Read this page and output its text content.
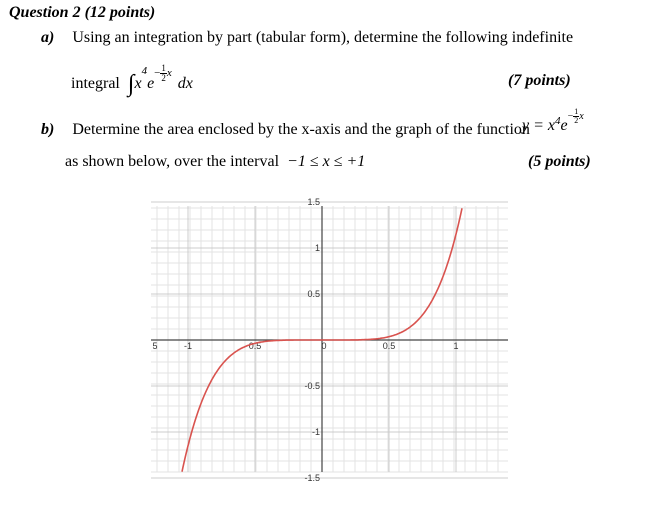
Question 2 (12 points)
a) Using an integration by part (tabular form), determine the following indefinite
integral $\int x4e^{- \frac{1}{2} x}$ dx	(7 points)
b) Determine the area enclosed by the x-axis and the graph of the function
$y = x4e^{- \frac{1}{2} x}$
as shown below, over the interval −1 ≤ x ≤ +1	(5 points)
5	-1	0.5	0	0.5	1
1.5
1
0.5
-0.5
-1
-1.5
